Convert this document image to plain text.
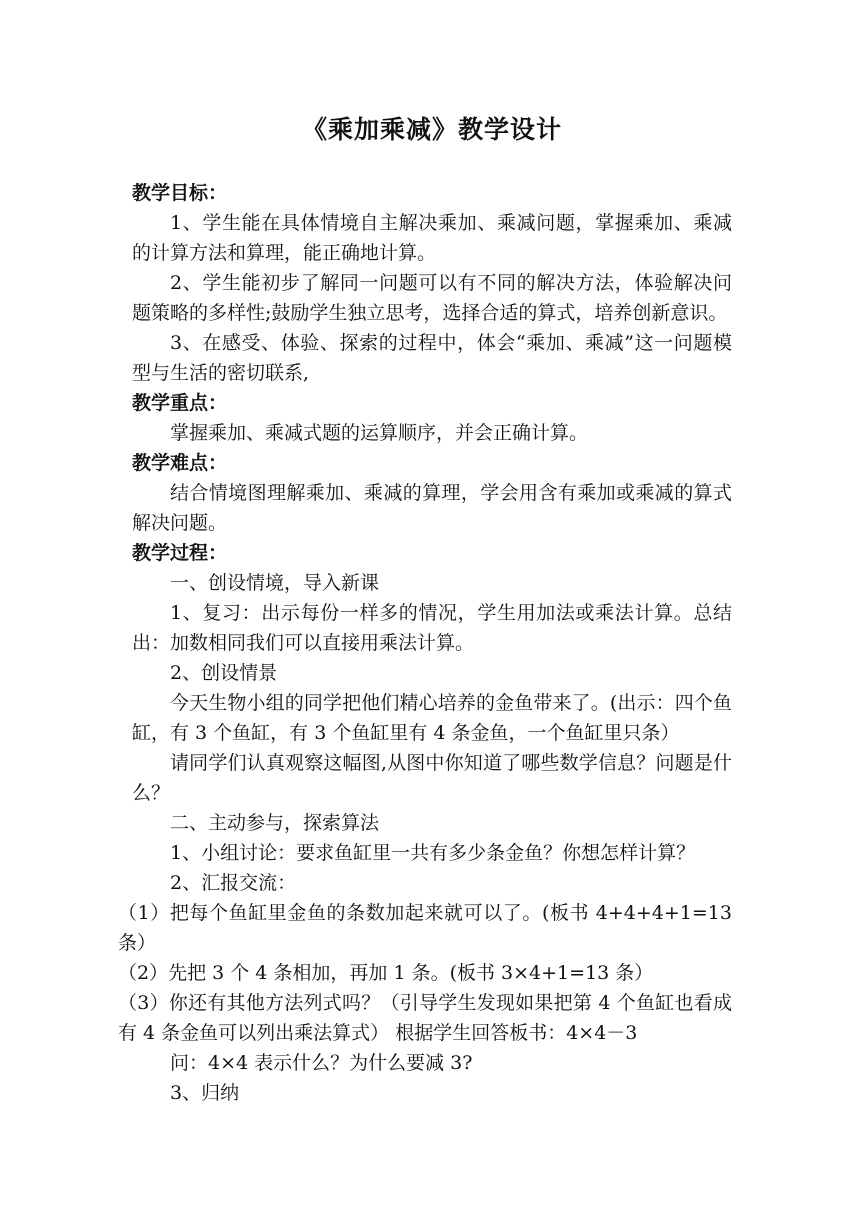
《乘加乘减》教学设计
教学目标：
1、学生能在具体情境自主解决乘加、乘减问题，掌握乘加、乘减的计算方法和算理，能正确地计算。
2、学生能初步了解同一问题可以有不同的解决方法，体验解决问题策略的多样性;鼓励学生独立思考，选择合适的算式，培养创新意识。
3、在感受、体验、探索的过程中，体会“乘加、乘减”这一问题模型与生活的密切联系,
教学重点：
掌握乘加、乘减式题的运算顺序，并会正确计算。
教学难点：
结合情境图理解乘加、乘减的算理，学会用含有乘加或乘减的算式解决问题。
教学过程：
一、创设情境，导入新课
1、复习：出示每份一样多的情况，学生用加法或乘法计算。总结出：加数相同我们可以直接用乘法计算。
2、创设情景
今天生物小组的同学把他们精心培养的金鱼带来了。(出示：四个鱼缸，有 3 个鱼缸，有 3 个鱼缸里有 4 条金鱼，一个鱼缸里只条）
请同学们认真观察这幅图,从图中你知道了哪些数学信息？问题是什么？
二、主动参与，探索算法
1、小组讨论：要求鱼缸里一共有多少条金鱼？你想怎样计算？
2、汇报交流：
（1）把每个鱼缸里金鱼的条数加起来就可以了。(板书 4+4+4+1=13 条）
（2）先把 3 个 4 条相加，再加 1 条。(板书 3×4+1=13 条）
（3）你还有其他方法列式吗？（引导学生发现如果把第 4 个鱼缸也看成有 4 条金鱼可以列出乘法算式） 根据学生回答板书：4×4－3
问：4×4 表示什么？为什么要减 3?
3、归纳
